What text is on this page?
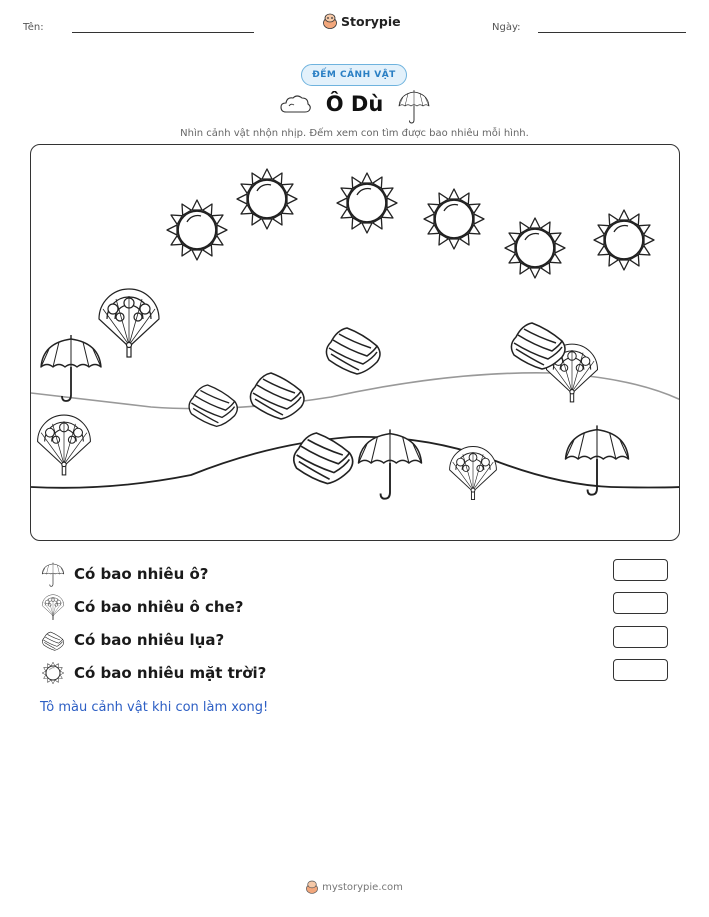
Tên:	Storypie	Ngày:
ĐẾM CẢNH VẬT
Ô Dù
Nhìn cảnh vật nhộn nhịp. Đếm xem con tìm được bao nhiêu mỗi hình.
Có bao nhiêu ô?
Có bao nhiêu ô che?
Có bao nhiêu lụa?
Có bao nhiêu mặt trời?
Tô màu cảnh vật khi con làm xong!
mystorypie.com
